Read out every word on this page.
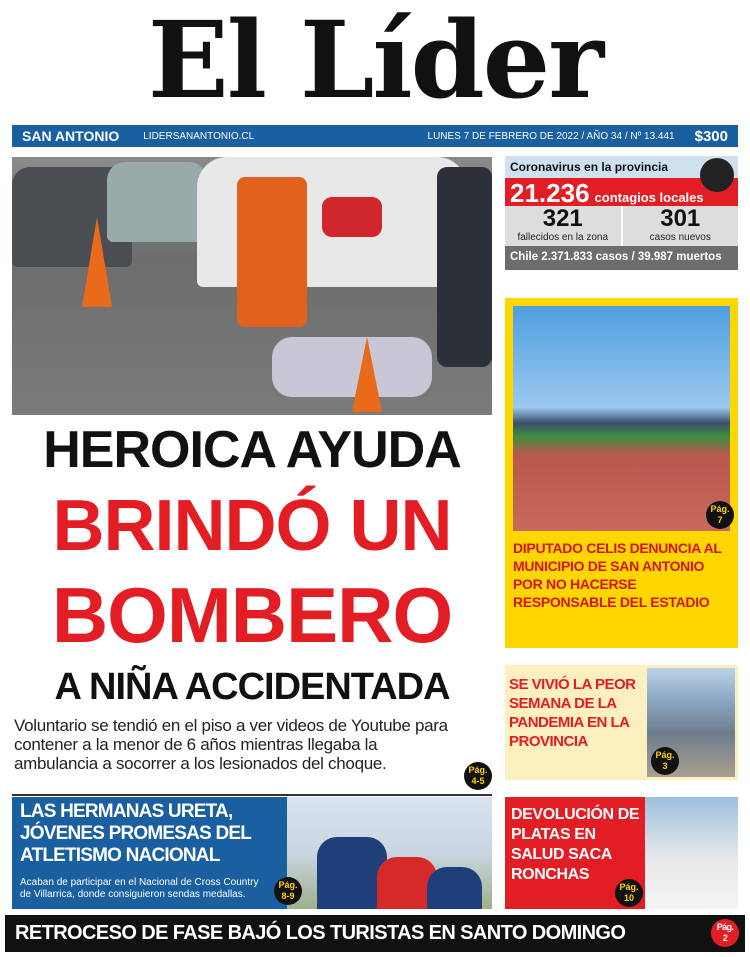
El Líder
SAN ANTONIO LIDERSANANTONIO.CL	LUNES 7 DE FEBRERO DE 2022 / AÑO 34 / Nº 13.441 $300
HEROICA AYUDA
BRINDÓ UN
BOMBERO
A NIÑA ACCIDENTADA
Voluntario se tendió en el piso a ver videos de Youtube para contener a la menor de 6 años mientras llegaba la ambulancia a socorrer a los lesionados del choque.	Pág.
4-5
Coronavirus en la provincia
21.236 contagios locales
321
fallecidos en la zona
301
casos nuevos
Chile 2.371.833 casos / 39.987 muertos
Pág.
7
DIPUTADO CELIS DENUNCIA AL MUNICIPIO DE SAN ANTONIO POR NO HACERSE RESPONSABLE DEL ESTADIO
SE VIVIÓ LA PEOR SEMANA DE LA PANDEMIA EN LA PROVINCIA
Pág.
3
LAS HERMANAS URETA, JÓVENES PROMESAS DEL ATLETISMO NACIONAL
Acaban de participar en el Nacional de Cross Country de Villarrica, donde consiguieron sendas medallas.
Pág.
8-9
DEVOLUCIÓN DE PLATAS EN SALUD SACA RONCHAS
Pág.
10
RETROCESO DE FASE BAJÓ LOS TURISTAS EN SANTO DOMINGO	Pág.
2
